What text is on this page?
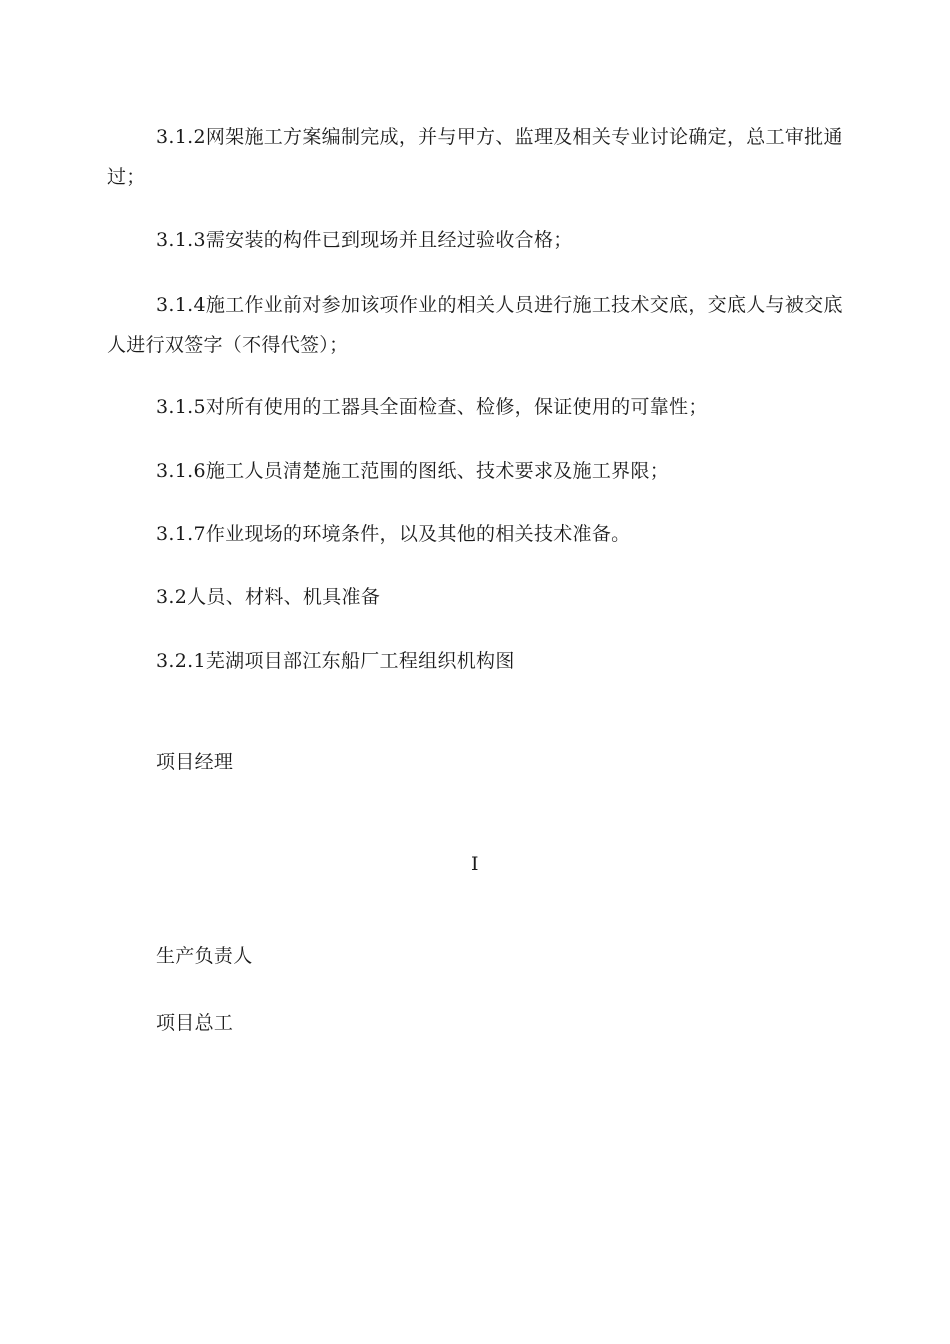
3.1.2网架施工方案编制完成，并与甲方、监理及相关专业讨论确定，总工审批通过；

3.1.3需安装的构件已到现场并且经过验收合格；

3.1.4施工作业前对参加该项作业的相关人员进行施工技术交底，交底人与被交底人进行双签字（不得代签）；

3.1.5对所有使用的工器具全面检查、检修，保证使用的可靠性；

3.1.6施工人员清楚施工范围的图纸、技术要求及施工界限；

3.1.7作业现场的环境条件，以及其他的相关技术准备。

3.2人员、材料、机具准备

3.2.1芜湖项目部江东船厂工程组织机构图

项目经理

I

生产负责人

项目总工
